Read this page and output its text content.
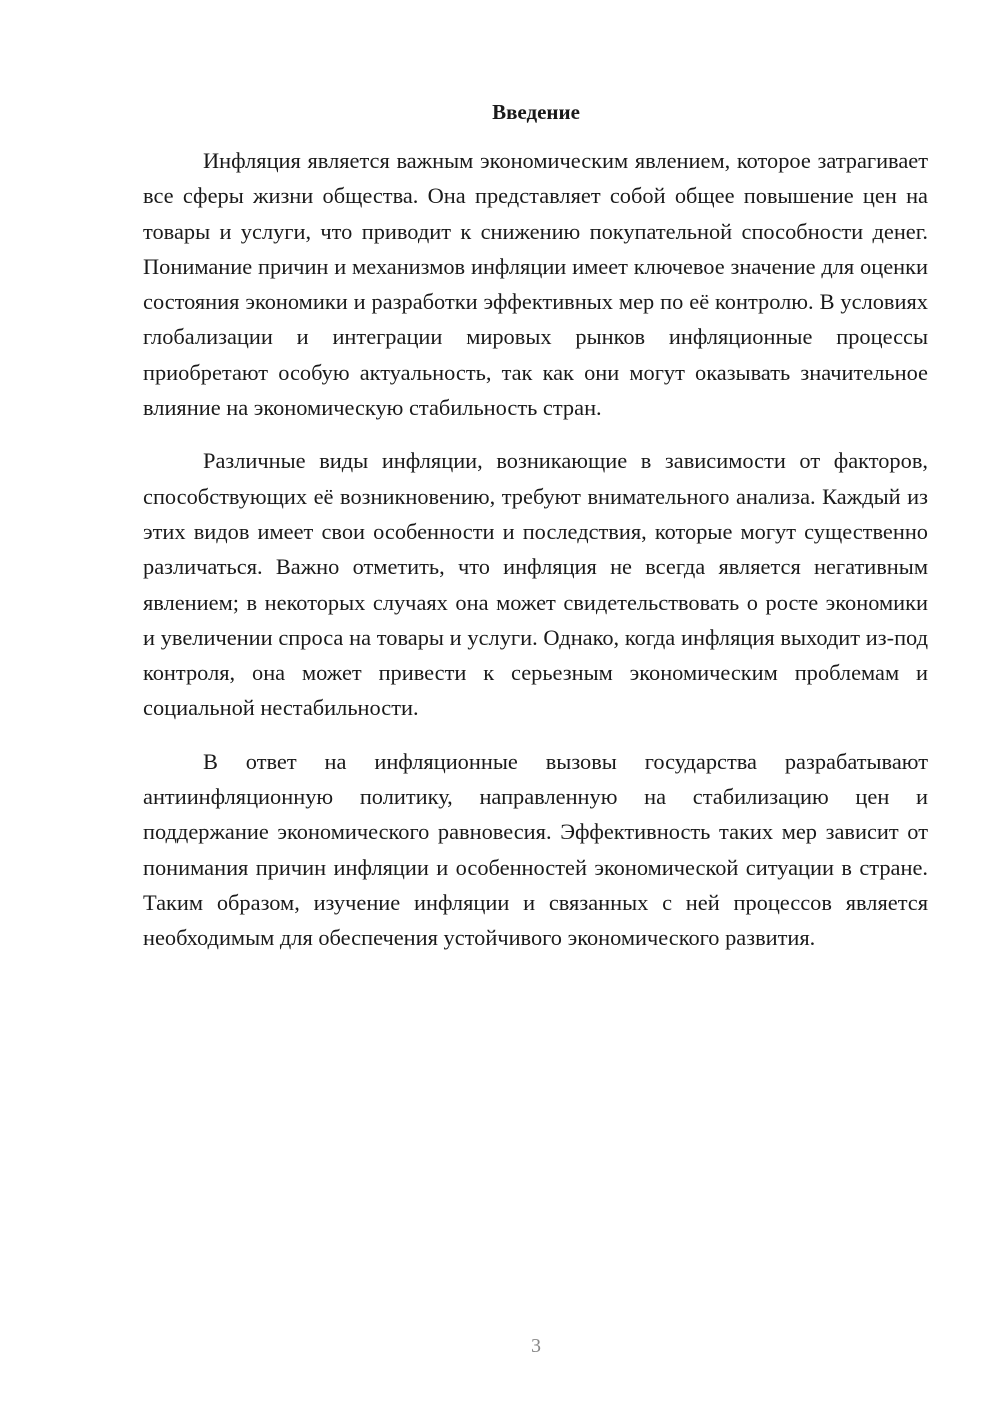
Введение

Инфляция является важным экономическим явлением, которое затрагивает все сферы жизни общества. Она представляет собой общее повышение цен на товары и услуги, что приводит к снижению покупательной способности денег. Понимание причин и механизмов инфляции имеет ключевое значение для оценки состояния экономики и разработки эффективных мер по её контролю. В условиях глобализации и интеграции мировых рынков инфляционные процессы приобретают особую актуальность, так как они могут оказывать значительное влияние на экономическую стабильность стран.

Различные виды инфляции, возникающие в зависимости от факторов, способствующих её возникновению, требуют внимательного анализа. Каждый из этих видов имеет свои особенности и последствия, которые могут существенно различаться. Важно отметить, что инфляция не всегда является негативным явлением; в некоторых случаях она может свидетельствовать о росте экономики и увеличении спроса на товары и услуги. Однако, когда инфляция выходит из-под контроля, она может привести к серьезным экономическим проблемам и социальной нестабильности.

В ответ на инфляционные вызовы государства разрабатывают антиинфляционную политику, направленную на стабилизацию цен и поддержание экономического равновесия. Эффективность таких мер зависит от понимания причин инфляции и особенностей экономической ситуации в стране. Таким образом, изучение инфляции и связанных с ней процессов является необходимым для обеспечения устойчивого экономического развития.

3
